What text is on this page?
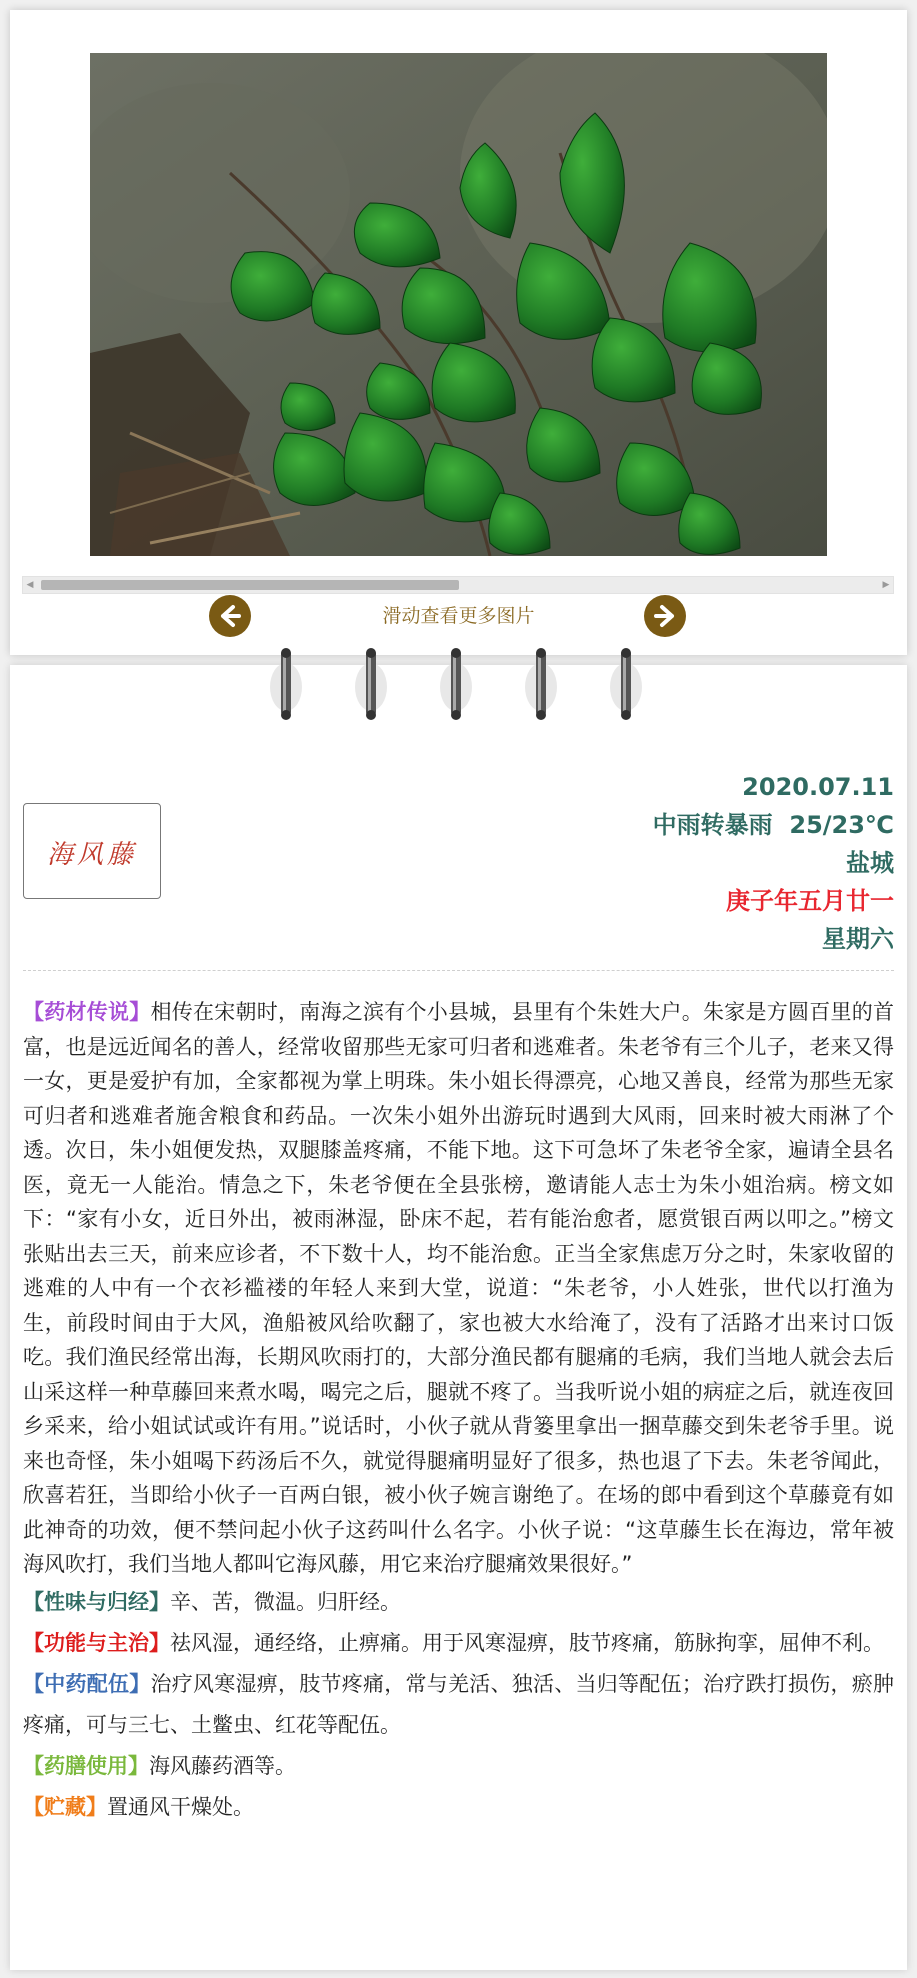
◀	▶
滑动查看更多图片
海风藤
2020.07.11
中雨转暴雨  25/23℃
盐城
庚子年五月廿一
星期六

【药材传说】相传在宋朝时，南海之滨有个小县城，县里有个朱姓大户。朱家是方圆百里的首富，也是远近闻名的善人，经常收留那些无家可归者和逃难者。朱老爷有三个儿子，老来又得一女，更是爱护有加，全家都视为掌上明珠。朱小姐长得漂亮，心地又善良，经常为那些无家可归者和逃难者施舍粮食和药品。一次朱小姐外出游玩时遇到大风雨，回来时被大雨淋了个透。次日，朱小姐便发热，双腿膝盖疼痛，不能下地。这下可急坏了朱老爷全家，遍请全县名医，竟无一人能治。情急之下，朱老爷便在全县张榜，邀请能人志士为朱小姐治病。榜文如下：“家有小女，近日外出，被雨淋湿，卧床不起，若有能治愈者，愿赏银百两以叩之。”榜文张贴出去三天，前来应诊者，不下数十人，均不能治愈。正当全家焦虑万分之时，朱家收留的逃难的人中有一个衣衫褴褛的年轻人来到大堂，说道：“朱老爷，小人姓张，世代以打渔为生，前段时间由于大风，渔船被风给吹翻了，家也被大水给淹了，没有了活路才出来讨口饭吃。我们渔民经常出海，长期风吹雨打的，大部分渔民都有腿痛的毛病，我们当地人就会去后山采这样一种草藤回来煮水喝，喝完之后，腿就不疼了。当我听说小姐的病症之后，就连夜回乡采来，给小姐试试或许有用。”说话时，小伙子就从背篓里拿出一捆草藤交到朱老爷手里。说来也奇怪，朱小姐喝下药汤后不久，就觉得腿痛明显好了很多，热也退了下去。朱老爷闻此，欣喜若狂，当即给小伙子一百两白银，被小伙子婉言谢绝了。在场的郎中看到这个草藤竟有如此神奇的功效，便不禁问起小伙子这药叫什么名字。小伙子说：“这草藤生长在海边，常年被海风吹打，我们当地人都叫它海风藤，用它来治疗腿痛效果很好。”

【性味与归经】辛、苦，微温。归肝经。

【功能与主治】祛风湿，通经络，止痹痛。用于风寒湿痹，肢节疼痛，筋脉拘挛，屈伸不利。

【中药配伍】治疗风寒湿痹，肢节疼痛，常与羌活、独活、当归等配伍；治疗跌打损伤，瘀肿疼痛，可与三七、土鳖虫、红花等配伍。

【药膳使用】海风藤药酒等。

【贮藏】置通风干燥处。
